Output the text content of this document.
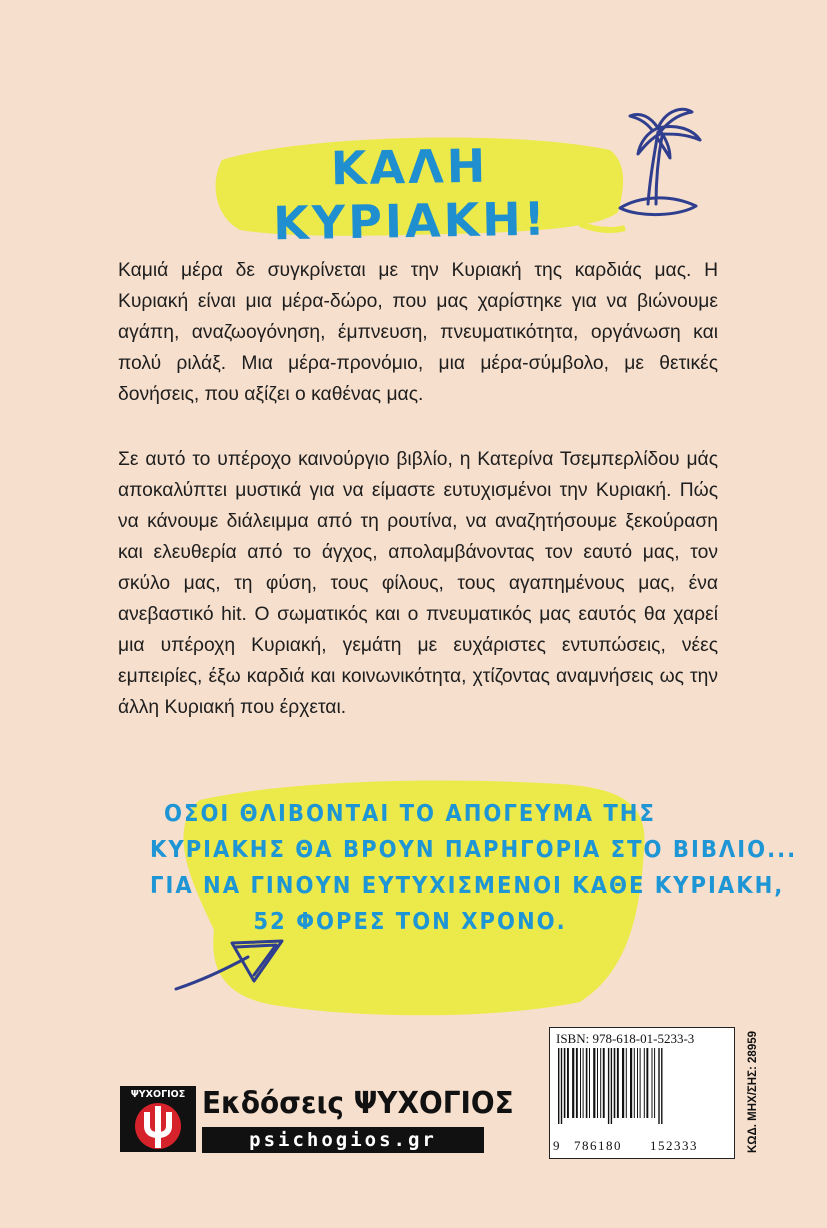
ΚΑΛΗ ΚΥΡΙΑΚΗ!

Καμιά μέρα δε συγκρίνεται με την Κυριακή της καρδιάς μας. Η Κυριακή είναι μια μέρα-δώρο, που μας χαρίστηκε για να βιώνουμε αγάπη, αναζωογόνηση, έμπνευση, πνευματικότητα, οργάνωση και πολύ ριλάξ. Μια μέρα-προνόμιο, μια μέρα-σύμβολο, με θετικές δονήσεις, που αξίζει ο καθένας μας.

Σε αυτό το υπέροχο καινούργιο βιβλίο, η Κατερίνα Τσεμπερλίδου μάς αποκαλύπτει μυστικά για να είμαστε ευτυχισμένοι την Κυριακή. Πώς να κάνουμε διάλειμμα από τη ρουτίνα, να αναζητήσουμε ξεκούραση και ελευθερία από το άγχος, απολαμβάνοντας τον εαυτό μας, τον σκύλο μας, τη φύση, τους φίλους, τους αγαπημένους μας, ένα ανεβαστικό hit. Ο σωματικός και ο πνευματικός μας εαυτός θα χαρεί μια υπέροχη Κυριακή, γεμάτη με ευχάριστες εντυπώσεις, νέες εμπειρίες, έξω καρδιά και κοινωνικότητα, χτίζοντας αναμνήσεις ως την άλλη Κυριακή που έρχεται.

ΟΣΟΙ ΘΛΙΒΟΝΤΑΙ ΤΟ ΑΠΟΓΕΥΜΑ ΤΗΣ
ΚΥΡΙΑΚΗΣ ΘΑ ΒΡΟΥΝ ΠΑΡΗΓΟΡΙΑ ΣΤΟ ΒΙΒΛΙΟ...
ΓΙΑ ΝΑ ΓΙΝΟΥΝ ΕΥΤΥΧΙΣΜΕΝΟΙ ΚΑΘΕ ΚΥΡΙΑΚΗ,
52 ΦΟΡΕΣ ΤΟΝ ΧΡΟΝΟ.
ΨΥΧΟΓΙΟΣ Εκδόσεις ΨΥΧΟΓΙΟΣ
psichogios.gr
ISBN: 978-618-01-5233-3
9 786180 152333	ΚΩΔ. ΜΗΧ/ΣΗΣ: 28959
